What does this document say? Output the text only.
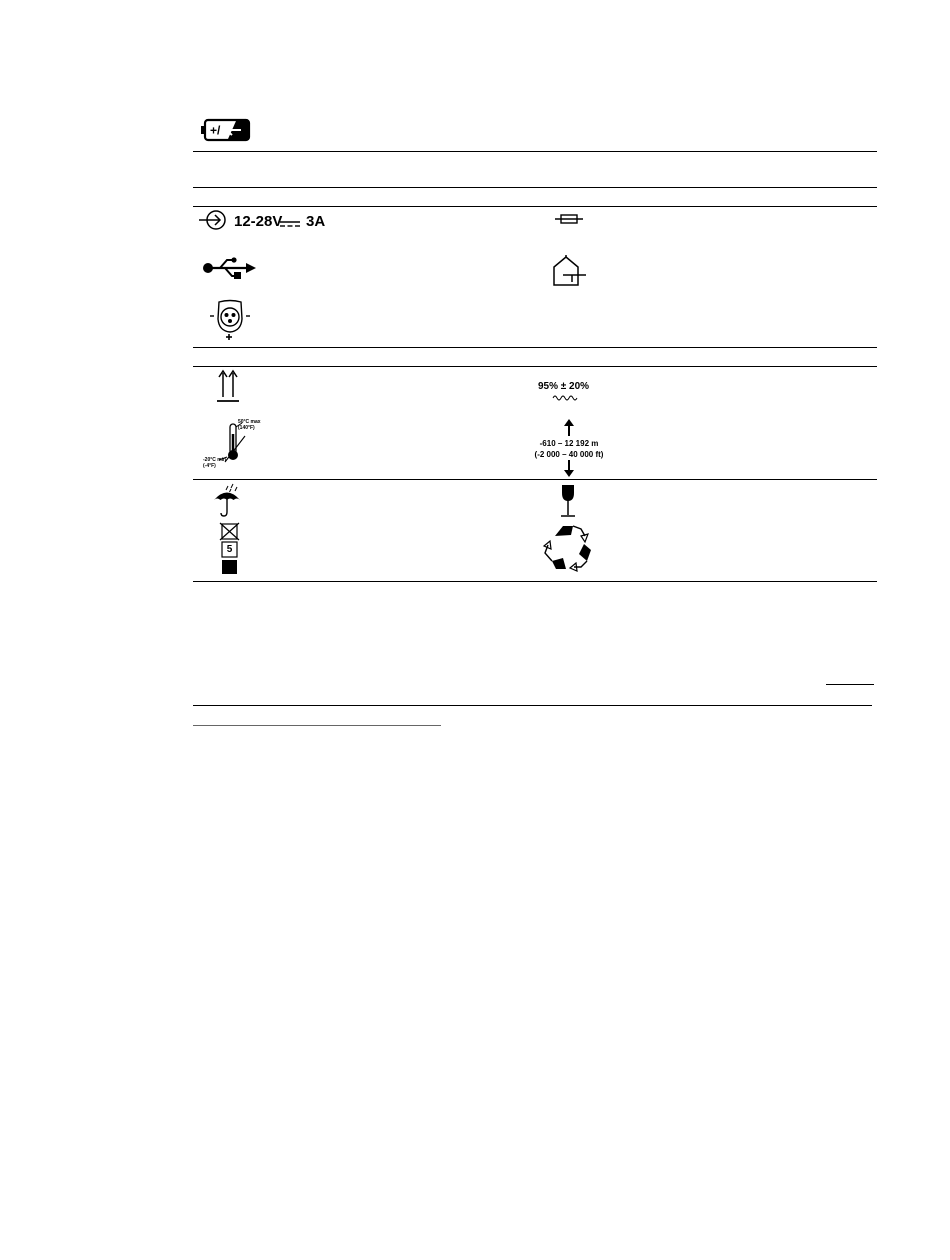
+/
12-28V 3A
95% ± 20%
50°C max
(140°F)
-20°C min
(-4°F)
-610 – 12 192 m
(-2 000 – 40 000 ft)
5
